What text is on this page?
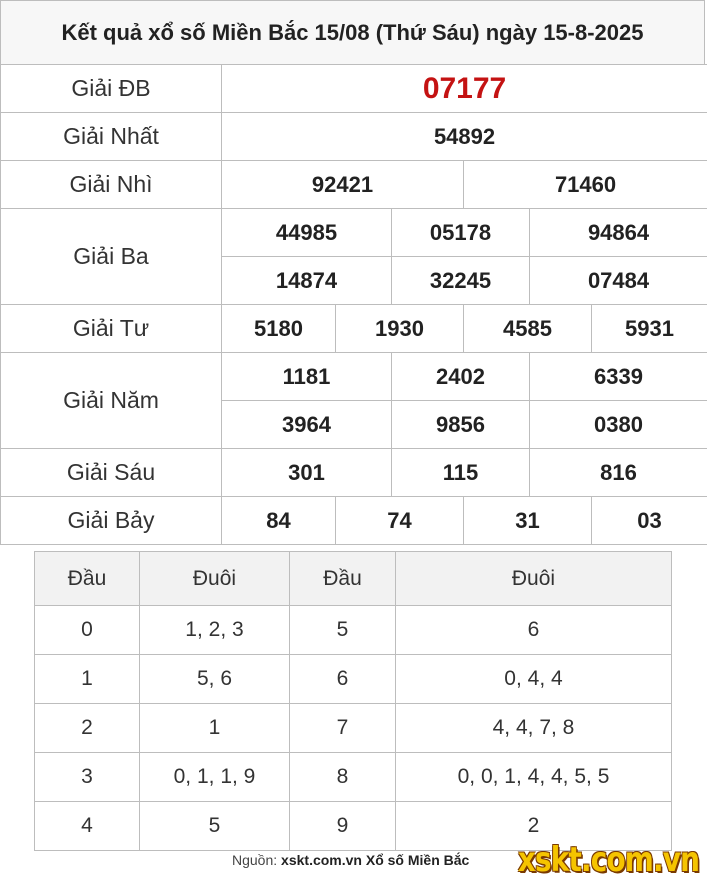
Kết quả xổ số Miền Bắc 15/08 (Thứ Sáu) ngày 15-8-2025
Giải ĐB	07177					
Giải Nhất	54892					
Giải Nhì	92421			71460		
Giải Ba	44985		05178		94864	
	14874		32245		07484	
Giải Tư	5180	1930		4585		5931
Giải Năm	1181		2402		6339	
	3964		9856		0380	
Giải Sáu	301		115		816	
Giải Bảy	84	74		31		03
Đầu	Đuôi	Đầu	Đuôi
0	1, 2, 3	5	6
1	5, 6	6	0, 4, 4
2	1	7	4, 4, 7, 8
3	0, 1, 1, 9	8	0, 0, 1, 4, 4, 5, 5
4	5	9	2
Nguồn: xskt.com.vn Xổ số Miền Bắc xskt.com.vn
